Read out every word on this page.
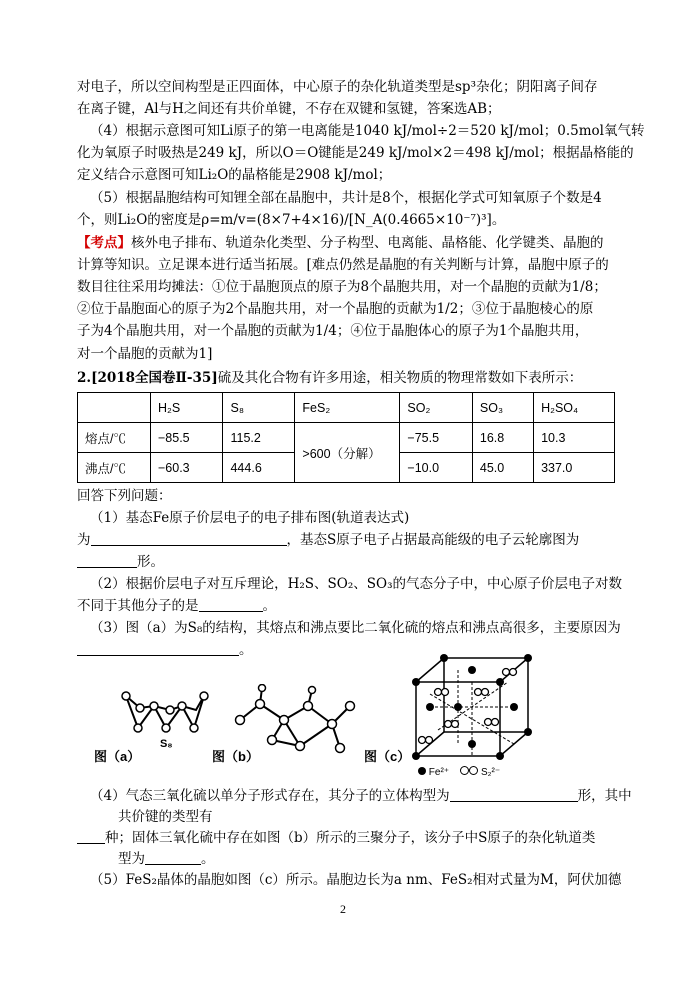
对电子，所以空间构型是正四面体，中心原子的杂化轨道类型是sp³杂化；阴阳离子间存
在离子键，Al与H之间还有共价单键，不存在双键和氢键，答案选AB；
（4）根据示意图可知Li原子的第一电离能是1040 kJ/mol÷2＝520 kJ/mol；0.5mol氧气转
化为氧原子时吸热是249 kJ，所以O＝O键能是249 kJ/mol×2＝498 kJ/mol；根据晶格能的
定义结合示意图可知Li₂O的晶格能是2908 kJ/mol；
（5）根据晶胞结构可知锂全部在晶胞中，共计是8个，根据化学式可知氧原子个数是4
个，则Li₂O的密度是ρ=m/v=(8×7+4×16)/[N_A(0.4665×10⁻⁷)³]。
【考点】核外电子排布、轨道杂化类型、分子构型、电离能、晶格能、化学键类、晶胞的
计算等知识。立足课本进行适当拓展。[难点仍然是晶胞的有关判断与计算，晶胞中原子的
数目往往采用均摊法：①位于晶胞顶点的原子为8个晶胞共用，对一个晶胞的贡献为1/8；
②位于晶胞面心的原子为2个晶胞共用，对一个晶胞的贡献为1/2；③位于晶胞棱心的原
子为4个晶胞共用，对一个晶胞的贡献为1/4；④位于晶胞体心的原子为1个晶胞共用，
对一个晶胞的贡献为1]
2.[2018全国卷Ⅱ-35]硫及其化合物有许多用途，相关物质的物理常数如下表所示：
	H₂S	S₈	FeS₂	SO₂	SO₃	H₂SO₄
熔点/℃	−85.5	115.2	>600（分解）	−75.5	16.8	10.3
沸点/℃	−60.3	444.6		−10.0	45.0	337.0
回答下列问题：
（1）基态Fe原子价层电子的电子排布图(轨道表达式)
为	，基态S原子电子占据最高能级的电子云轮廓图为
形。
（2）根据价层电子对互斥理论，H₂S、SO₂、SO₃的气态分子中，中心原子价层电子对数
不同于其他分子的是	。
（3）图（a）为S₈的结构，其熔点和沸点要比二氧化硫的熔点和沸点高很多，主要原因为
。
图（a）
S₈
图（b）	图（c）
Fe²⁺	S₂²⁻
（4）气态三氧化硫以单分子形式存在，其分子的立体构型为	形，其中
共价键的类型有
种；固体三氧化硫中存在如图（b）所示的三聚分子，该分子中S原子的杂化轨道类
型为	。
（5）FeS₂晶体的晶胞如图（c）所示。晶胞边长为a nm、FeS₂相对式量为M，阿伏加德
2
